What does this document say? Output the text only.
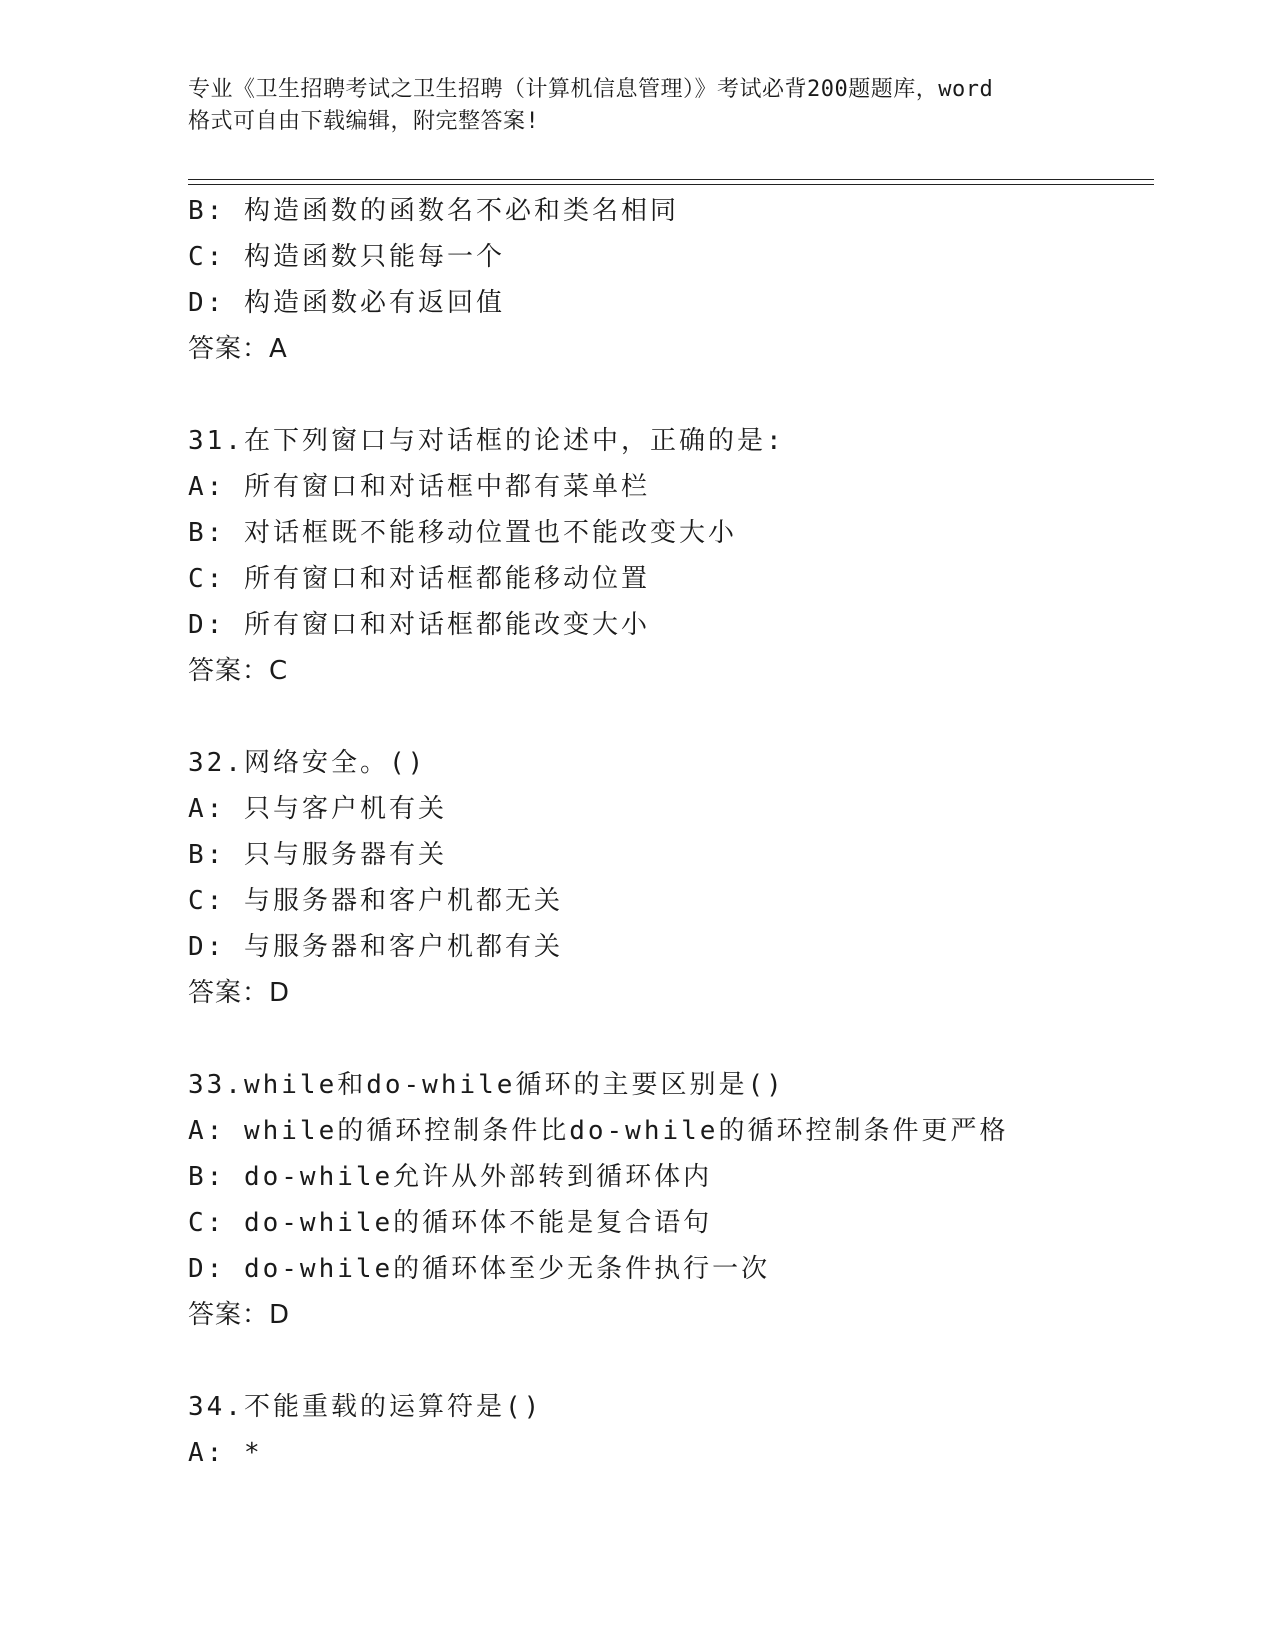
专业《卫生招聘考试之卫生招聘（计算机信息管理）》考试必背200题题库，word
格式可自由下载编辑，附完整答案!
B: 构造函数的函数名不必和类名相同
C: 构造函数只能每一个
D: 构造函数必有返回值
答案：A
31.在下列窗口与对话框的论述中，正确的是:
A: 所有窗口和对话框中都有菜单栏
B: 对话框既不能移动位置也不能改变大小
C: 所有窗口和对话框都能移动位置
D: 所有窗口和对话框都能改变大小
答案：C
32.网络安全。()
A: 只与客户机有关
B: 只与服务器有关
C: 与服务器和客户机都无关
D: 与服务器和客户机都有关
答案：D
33.while和do-while循环的主要区别是()
A: while的循环控制条件比do-while的循环控制条件更严格
B: do-while允许从外部转到循环体内
C: do-while的循环体不能是复合语句
D: do-while的循环体至少无条件执行一次
答案：D
34.不能重载的运算符是()
A: *
